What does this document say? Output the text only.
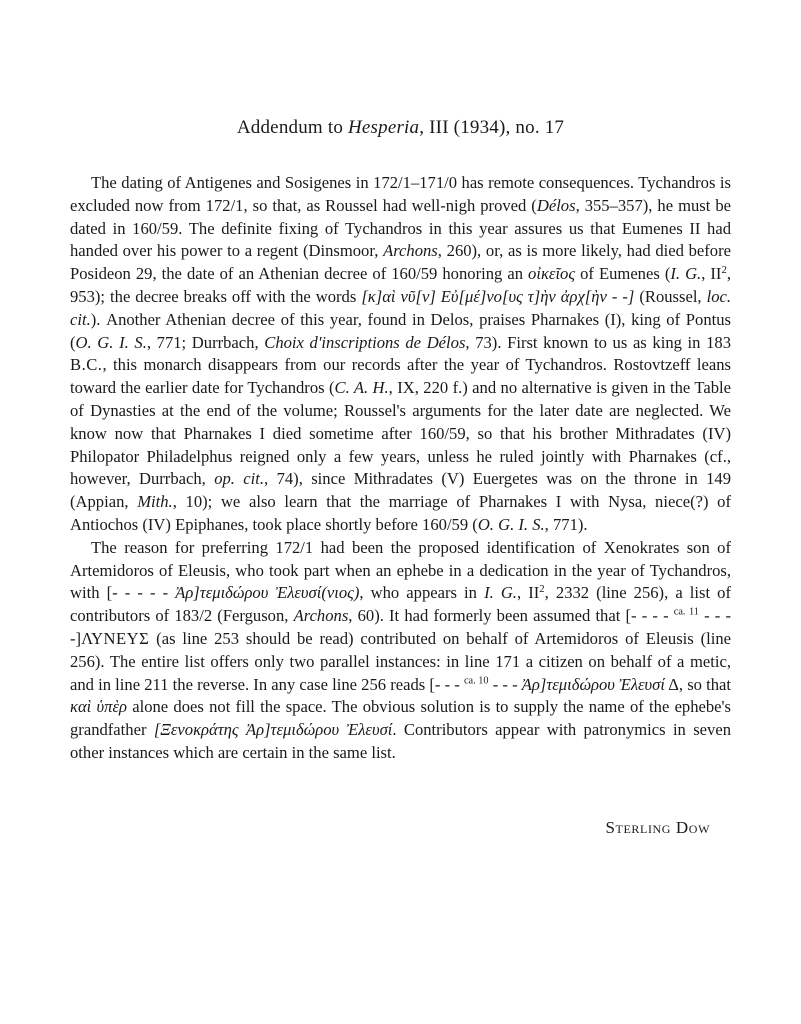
Addendum to Hesperia, III (1934), no. 17

The dating of Antigenes and Sosigenes in 172/1–171/0 has remote consequences. Tychandros is excluded now from 172/1, so that, as Roussel had well-nigh proved (Délos, 355–357), he must be dated in 160/59. The definite fixing of Tychandros in this year assures us that Eumenes II had handed over his power to a regent (Dinsmoor, Archons, 260), or, as is more likely, had died before Posideon 29, the date of an Athenian decree of 160/59 honoring an οἰκεῖος of Eumenes (I. G., $II^2$, 953); the decree breaks off with the words [κ]αὶ νῦ[ν] Εὐ[μέ]νο[υς τ]ὴν ἀρχ[ὴν - -] (Roussel, loc. cit.). Another Athenian decree of this year, found in Delos, praises Pharnakes (I), king of Pontus (O. G. I. S., 771; Durrbach, Choix d'inscriptions de Délos, 73). First known to us as king in 183 B.C., this monarch disappears from our records after the year of Tychandros. Rostovtzeff leans toward the earlier date for Tychandros (C. A. H., IX, 220 f.) and no alternative is given in the Table of Dynasties at the end of the volume; Roussel's arguments for the later date are neglected. We know now that Pharnakes I died sometime after 160/59, so that his brother Mithradates (IV) Philopator Philadelphus reigned only a few years, unless he ruled jointly with Pharnakes (cf., however, Durrbach, op. cit., 74), since Mithradates (V) Euergetes was on the throne in 149 (Appian, Mith., 10); we also learn that the marriage of Pharnakes I with Nysa, niece(?) of Antiochos (IV) Epiphanes, took place shortly before 160/59 (O. G. I. S., 771).

The reason for preferring 172/1 had been the proposed identification of Xenokrates son of Artemidoros of Eleusis, who took part when an ephebe in a dedication in the year of Tychandros, with [- - - - - Ἀρ]τεμιδώρου Ἐλευσί(νιος), who appears in I. G., $II^2$, 2332 (line 256), a list of contributors of 183/2 (Ferguson, Archons, 60). It had formerly been assumed that [- - - - $^{ca. 11}$ - - - -]ΛΥΝΕΥΣ (as line 253 should be read) contributed on behalf of Artemidoros of Eleusis (line 256). The entire list offers only two parallel instances: in line 171 a citizen on behalf of a metic, and in line 211 the reverse. In any case line 256 reads [- - - $^{ca. 10}$ - - - Ἀρ]τεμιδώρου Ἐλευσί Δ, so that καὶ ὑπὲρ alone does not fill the space. The obvious solution is to supply the name of the ephebe's grandfather [Ξενοκράτης Ἀρ]τεμιδώρου Ἐλευσί. Contributors appear with patronymics in seven other instances which are certain in the same list.

Sterling Dow
